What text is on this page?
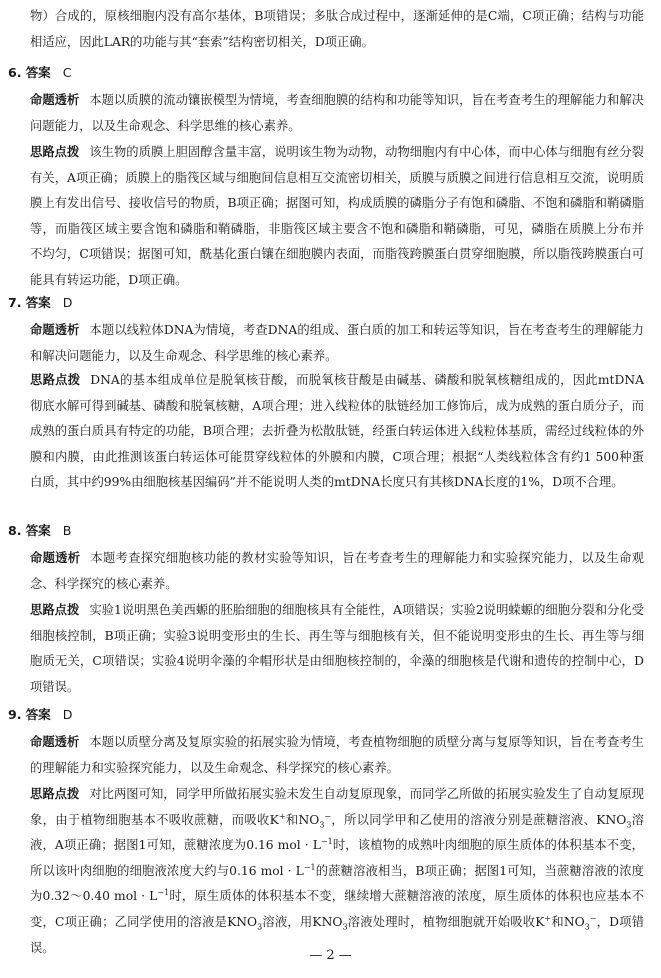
物）合成的，原核细胞内没有高尔基体，B项错误；多肽合成过程中，逐渐延伸的是C端，C项正确；结构与功能相适应，因此LAR的功能与其“套索”结构密切相关，D项正确。

6. 答案 C

命题透析 本题以质膜的流动镶嵌模型为情境，考查细胞膜的结构和功能等知识，旨在考查考生的理解能力和解决问题能力，以及生命观念、科学思维的核心素养。

思路点拨 该生物的质膜上胆固醇含量丰富，说明该生物为动物，动物细胞内有中心体，而中心体与细胞有丝分裂有关，A项正确；质膜上的脂筏区域与细胞间信息相互交流密切相关，质膜与质膜之间进行信息相互交流，说明质膜上有发出信号、接收信号的物质，B项正确；据图可知，构成质膜的磷脂分子有饱和磷脂、不饱和磷脂和鞘磷脂等，而脂筏区域主要含饱和磷脂和鞘磷脂，非脂筏区域主要含不饱和磷脂和鞘磷脂，可见，磷脂在质膜上分布并不均匀，C项错误；据图可知，酰基化蛋白镶在细胞膜内表面，而脂筏跨膜蛋白贯穿细胞膜，所以脂筏跨膜蛋白可能具有转运功能，D项正确。

7. 答案 D

命题透析 本题以线粒体DNA为情境，考查DNA的组成、蛋白质的加工和转运等知识，旨在考查考生的理解能力和解决问题能力，以及生命观念、科学思维的核心素养。

思路点拨 DNA的基本组成单位是脱氧核苷酸，而脱氧核苷酸是由碱基、磷酸和脱氧核糖组成的，因此mtDNA彻底水解可得到碱基、磷酸和脱氧核糖，A项合理；进入线粒体的肽链经加工修饰后，成为成熟的蛋白质分子，而成熟的蛋白质具有特定的功能，B项合理；去折叠为松散肽链，经蛋白转运体进入线粒体基质，需经过线粒体的外膜和内膜，由此推测该蛋白转运体可能贯穿线粒体的外膜和内膜，C项合理；根据“人类线粒体含有约1 500种蛋白质，其中约99%由细胞核基因编码”并不能说明人类的mtDNA长度只有其核DNA长度的1%，D项不合理。

8. 答案 B

命题透析 本题考查探究细胞核功能的教材实验等知识，旨在考查考生的理解能力和实验探究能力，以及生命观念、科学探究的核心素养。

思路点拨 实验1说明黑色美西螈的胚胎细胞的细胞核具有全能性，A项错误；实验2说明蝾螈的细胞分裂和分化受细胞核控制，B项正确；实验3说明变形虫的生长、再生等与细胞核有关，但不能说明变形虫的生长、再生等与细胞质无关，C项错误；实验4说明伞藻的伞帽形状是由细胞核控制的，伞藻的细胞核是代谢和遗传的控制中心，D项错误。

9. 答案 D

命题透析 本题以质壁分离及复原实验的拓展实验为情境，考查植物细胞的质壁分离与复原等知识，旨在考查考生的理解能力和实验探究能力，以及生命观念、科学探究的核心素养。

思路点拨 对比两图可知，同学甲所做拓展实验未发生自动复原现象，而同学乙所做的拓展实验发生了自动复原现象，由于植物细胞基本不吸收蔗糖，而吸收K+和$NO_3^-$，所以同学甲和乙使用的溶液分别是蔗糖溶液、$KNO_3$溶液，A项正确；据图1可知，蔗糖浓度为0.16 mol · $L^{-1}$时，该植物的成熟叶肉细胞的原生质体的体积基本不变，所以该叶肉细胞的细胞液浓度大约与0.16 mol · $L^{-1}$的蔗糖溶液相当，B项正确；据图1可知，当蔗糖溶液的浓度为0.32～0.40 mol · $L^{-1}$时，原生质体的体积基本不变，继续增大蔗糖溶液的浓度，原生质体的体积也应基本不变，C项正确；乙同学使用的溶液是$KNO_3$溶液，用$KNO_3$溶液处理时，植物细胞就开始吸收K+和$NO_3^-$，D项错误。

— 2 —
